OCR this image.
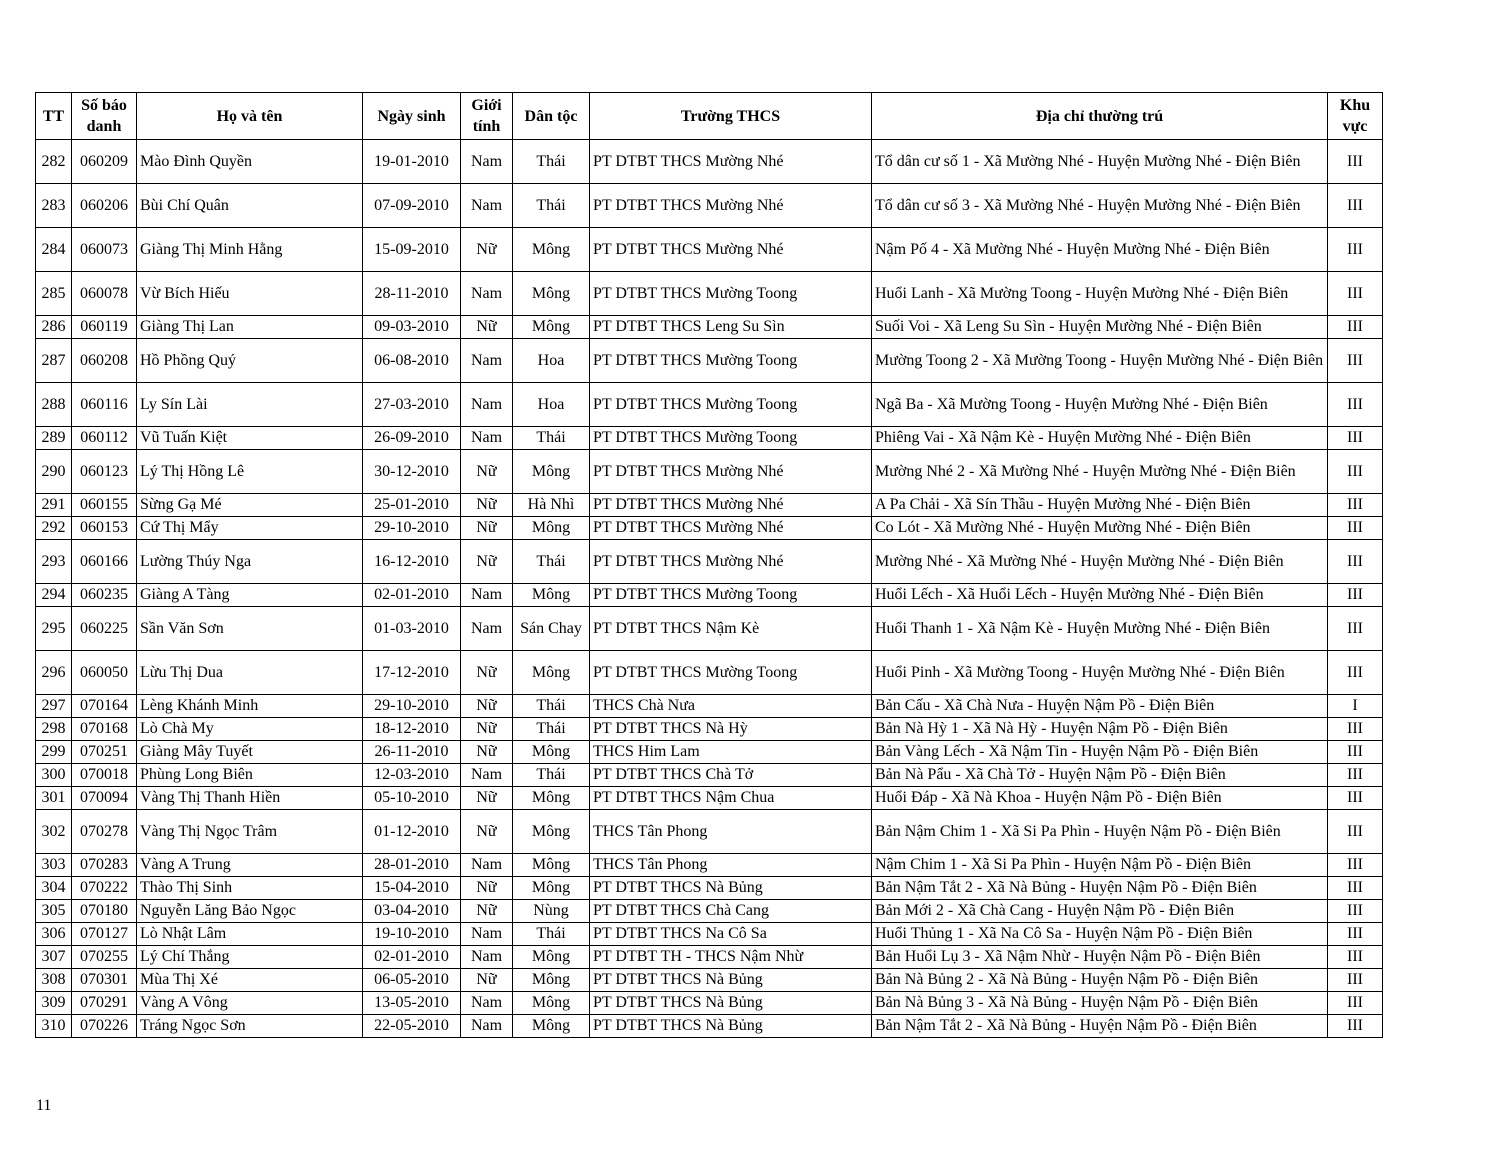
TT	Số báo danh	Họ và tên	Ngày sinh	Giới tính	Dân tộc	Trường THCS	Địa chỉ thường trú	Khu vực
282	060209	Mào Đình Quyền	19-01-2010	Nam	Thái	PT DTBT THCS Mường Nhé	Tổ dân cư số 1 - Xã Mường Nhé - Huyện Mường Nhé - Điện Biên	III
283	060206	Bùi Chí Quân	07-09-2010	Nam	Thái	PT DTBT THCS Mường Nhé	Tổ dân cư số 3 - Xã Mường Nhé - Huyện Mường Nhé - Điện Biên	III
284	060073	Giàng Thị Minh Hằng	15-09-2010	Nữ	Mông	PT DTBT THCS Mường Nhé	Nậm Pố 4 - Xã Mường Nhé - Huyện Mường Nhé - Điện Biên	III
285	060078	Vừ Bích Hiếu	28-11-2010	Nam	Mông	PT DTBT THCS Mường Toong	Huổi Lanh - Xã Mường Toong - Huyện Mường Nhé - Điện Biên	III
286	060119	Giàng Thị Lan	09-03-2010	Nữ	Mông	PT DTBT THCS Leng Su Sìn	Suối Voi - Xã Leng Su Sìn - Huyện Mường Nhé - Điện Biên	III
287	060208	Hồ Phồng Quý	06-08-2010	Nam	Hoa	PT DTBT THCS Mường Toong	Mường Toong 2 - Xã Mường Toong - Huyện Mường Nhé - Điện Biên	III
288	060116	Ly Sín Lài	27-03-2010	Nam	Hoa	PT DTBT THCS Mường Toong	Ngã Ba - Xã Mường Toong - Huyện Mường Nhé - Điện Biên	III
289	060112	Vũ Tuấn Kiệt	26-09-2010	Nam	Thái	PT DTBT THCS Mường Toong	Phiêng Vai - Xã Nậm Kè - Huyện Mường Nhé - Điện Biên	III
290	060123	Lý Thị Hồng Lê	30-12-2010	Nữ	Mông	PT DTBT THCS Mường Nhé	Mường Nhé 2 - Xã Mường Nhé - Huyện Mường Nhé - Điện Biên	III
291	060155	Sừng Gạ Mé	25-01-2010	Nữ	Hà Nhì	PT DTBT THCS Mường Nhé	A Pa Chải - Xã Sín Thầu - Huyện Mường Nhé - Điện Biên	III
292	060153	Cứ Thị Mẩy	29-10-2010	Nữ	Mông	PT DTBT THCS Mường Nhé	Co Lót - Xã Mường Nhé - Huyện Mường Nhé - Điện Biên	III
293	060166	Lường Thúy Nga	16-12-2010	Nữ	Thái	PT DTBT THCS Mường Nhé	Mường Nhé - Xã Mường Nhé - Huyện Mường Nhé - Điện Biên	III
294	060235	Giàng A Tàng	02-01-2010	Nam	Mông	PT DTBT THCS Mường Toong	Huổi Lếch - Xã Huổi Lếch - Huyện Mường Nhé - Điện Biên	III
295	060225	Sần Văn Sơn	01-03-2010	Nam	Sán Chay	PT DTBT THCS Nậm Kè	Huổi Thanh 1 - Xã Nậm Kè - Huyện Mường Nhé - Điện Biên	III
296	060050	Lừu Thị Dua	17-12-2010	Nữ	Mông	PT DTBT THCS Mường Toong	Huổi Pinh - Xã Mường Toong - Huyện Mường Nhé - Điện Biên	III
297	070164	Lèng Khánh Minh	29-10-2010	Nữ	Thái	THCS Chà Nưa	Bản Cấu - Xã Chà Nưa - Huyện Nậm Pồ - Điện Biên	I
298	070168	Lò Chà My	18-12-2010	Nữ	Thái	PT DTBT THCS Nà Hỳ	Bản Nà Hỳ 1 - Xã Nà Hỳ - Huyện Nậm Pồ - Điện Biên	III
299	070251	Giàng Mây Tuyết	26-11-2010	Nữ	Mông	THCS Him Lam	Bản Vàng Lếch - Xã Nậm Tin - Huyện Nậm Pồ - Điện Biên	III
300	070018	Phùng Long Biên	12-03-2010	Nam	Thái	PT DTBT THCS Chà Tở	Bản Nà Pẩu - Xã Chà Tở - Huyện Nậm Pồ - Điện Biên	III
301	070094	Vàng Thị Thanh Hiền	05-10-2010	Nữ	Mông	PT DTBT THCS Nậm Chua	Huổi Đáp - Xã Nà Khoa - Huyện Nậm Pồ - Điện Biên	III
302	070278	Vàng Thị Ngọc Trâm	01-12-2010	Nữ	Mông	THCS Tân Phong	Bản Nậm Chim 1 - Xã Si Pa Phìn - Huyện Nậm Pồ - Điện Biên	III
303	070283	Vàng A Trung	28-01-2010	Nam	Mông	THCS Tân Phong	Nậm Chim 1 - Xã Si Pa Phìn - Huyện Nậm Pồ - Điện Biên	III
304	070222	Thào Thị Sinh	15-04-2010	Nữ	Mông	PT DTBT THCS Nà Bủng	Bản Nậm Tắt 2 - Xã Nà Bủng - Huyện Nậm Pồ - Điện Biên	III
305	070180	Nguyễn Lăng Bảo Ngọc	03-04-2010	Nữ	Nùng	PT DTBT THCS Chà Cang	Bản Mới 2 - Xã Chà Cang - Huyện Nậm Pồ - Điện Biên	III
306	070127	Lò Nhật Lâm	19-10-2010	Nam	Thái	PT DTBT THCS Na Cô Sa	Huổi Thủng 1 - Xã Na Cô Sa - Huyện Nậm Pồ - Điện Biên	III
307	070255	Lý Chí Thắng	02-01-2010	Nam	Mông	PT DTBT TH - THCS Nậm Nhừ	Bản Huổi Lụ 3 - Xã Nậm Nhừ - Huyện Nậm Pồ - Điện Biên	III
308	070301	Mùa Thị Xé	06-05-2010	Nữ	Mông	PT DTBT THCS Nà Bủng	Bản Nà Bủng 2 - Xã Nà Bủng - Huyện Nậm Pồ - Điện Biên	III
309	070291	Vàng A Vông	13-05-2010	Nam	Mông	PT DTBT THCS Nà Bủng	Bản Nà Bủng 3 - Xã Nà Bủng - Huyện Nậm Pồ - Điện Biên	III
310	070226	Tráng Ngọc Sơn	22-05-2010	Nam	Mông	PT DTBT THCS Nà Bủng	Bản Nậm Tắt 2 - Xã Nà Bủng - Huyện Nậm Pồ - Điện Biên	III
11
